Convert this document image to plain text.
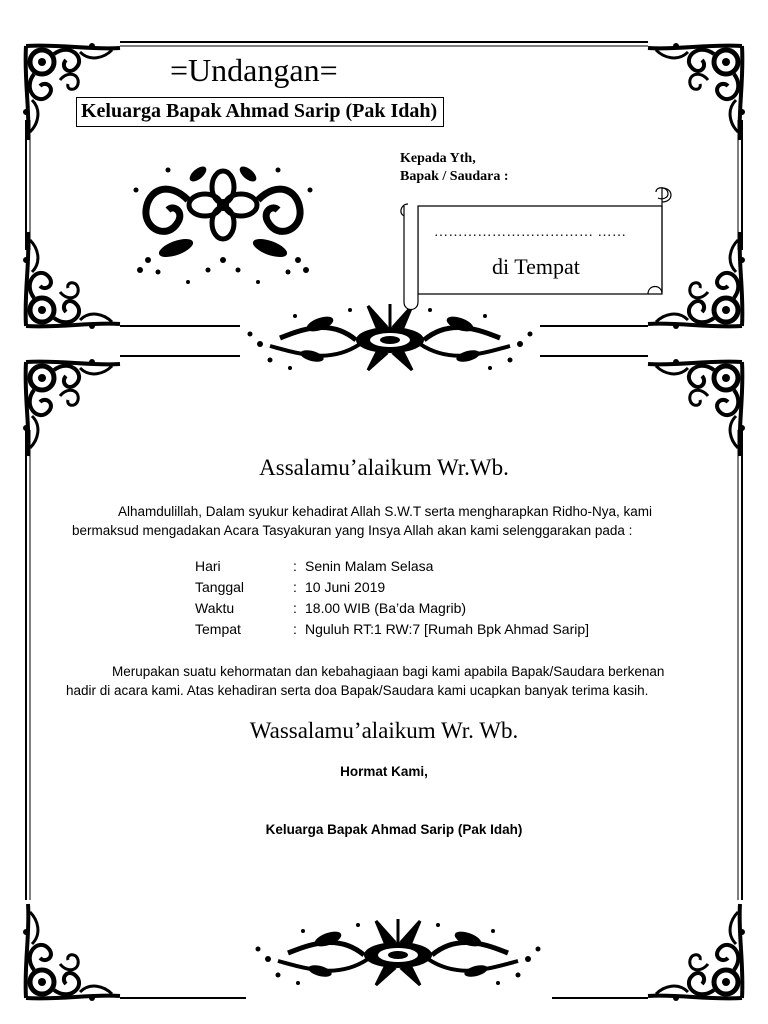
=Undangan=
Keluarga Bapak Ahmad Sarip (Pak Idah)
Kepada Yth,
Bapak / Saudara :
…………………………… ……
di Tempat
Assalamu’alaikum Wr.Wb.
Alhamdulillah, Dalam syukur kehadirat Allah S.W.T serta mengharapkan Ridho-Nya, kami
bermaksud mengadakan Acara Tasyakuran yang Insya Allah akan kami selenggarakan pada :
Hari	:	Senin Malam Selasa
Tanggal	:	10 Juni 2019
Waktu	:	18.00 WIB (Ba’da Magrib)
Tempat	:	Nguluh RT:1 RW:7 [Rumah Bpk Ahmad Sarip]
Merupakan suatu kehormatan dan kebahagiaan bagi kami apabila Bapak/Saudara berkenan
hadir di acara kami. Atas kehadiran serta doa Bapak/Saudara kami ucapkan banyak terima kasih.
Wassalamu’alaikum Wr. Wb.
Hormat Kami,
Keluarga Bapak Ahmad Sarip (Pak Idah)
